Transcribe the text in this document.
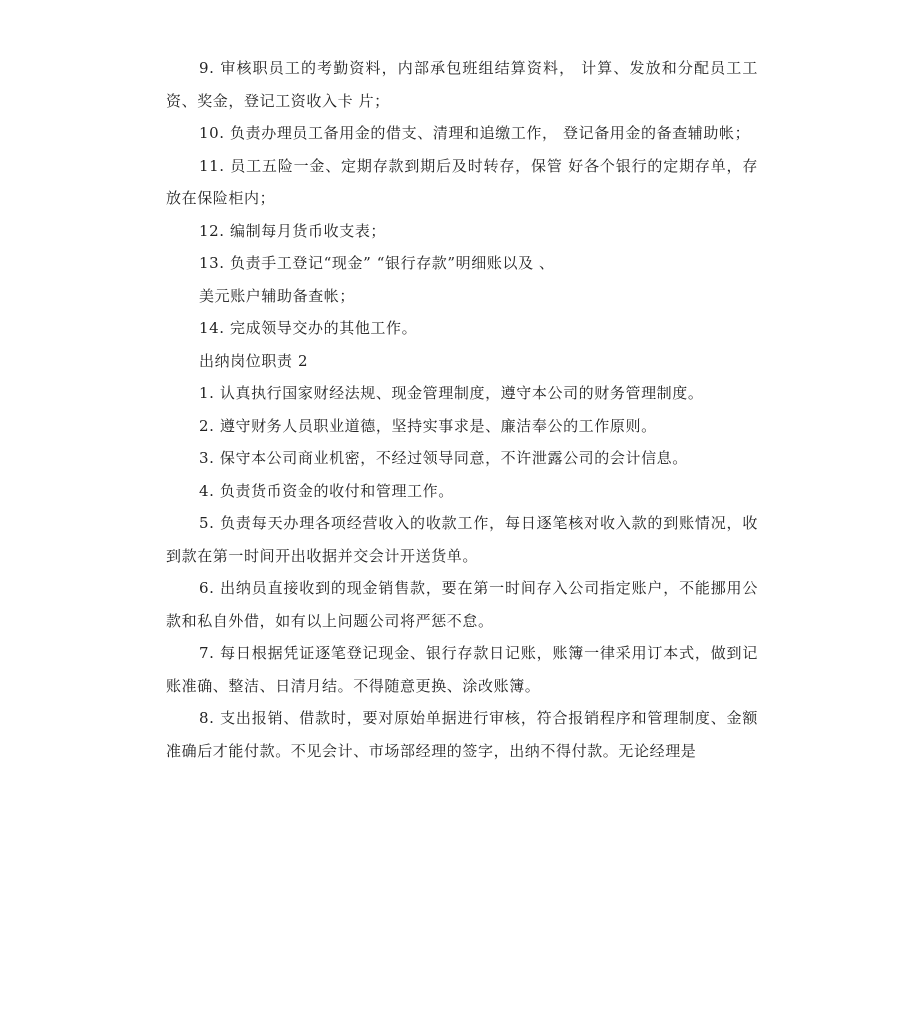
9. 审核职员工的考勤资料，内部承包班组结算资料， 计算、发放和分配员工工资、奖金，登记工资收入卡 片；

10. 负责办理员工备用金的借支、清理和追缴工作， 登记备用金的备查辅助帐；

11. 员工五险一金、定期存款到期后及时转存，保管 好各个银行的定期存单，存放在保险柜内；

12. 编制每月货币收支表；

13. 负责手工登记“现金” “银行存款”明细账以及 、

美元账户辅助备查帐；

14. 完成领导交办的其他工作。

出纳岗位职责 2

1. 认真执行国家财经法规、现金管理制度，遵守本公司的财务管理制度。

2. 遵守财务人员职业道德，坚持实事求是、廉洁奉公的工作原则。

3. 保守本公司商业机密，不经过领导同意，不许泄露公司的会计信息。

4. 负责货币资金的收付和管理工作。

5. 负责每天办理各项经营收入的收款工作，每日逐笔核对收入款的到账情况，收到款在第一时间开出收据并交会计开送货单。

6. 出纳员直接收到的现金销售款，要在第一时间存入公司指定账户，不能挪用公款和私自外借，如有以上问题公司将严惩不怠。

7. 每日根据凭证逐笔登记现金、银行存款日记账，账簿一律采用订本式，做到记账准确、整洁、日清月结。不得随意更换、涂改账簿。

8. 支出报销、借款时，要对原始单据进行审核，符合报销程序和管理制度、金额准确后才能付款。不见会计、市场部经理的签字，出纳不得付款。无论经理是
